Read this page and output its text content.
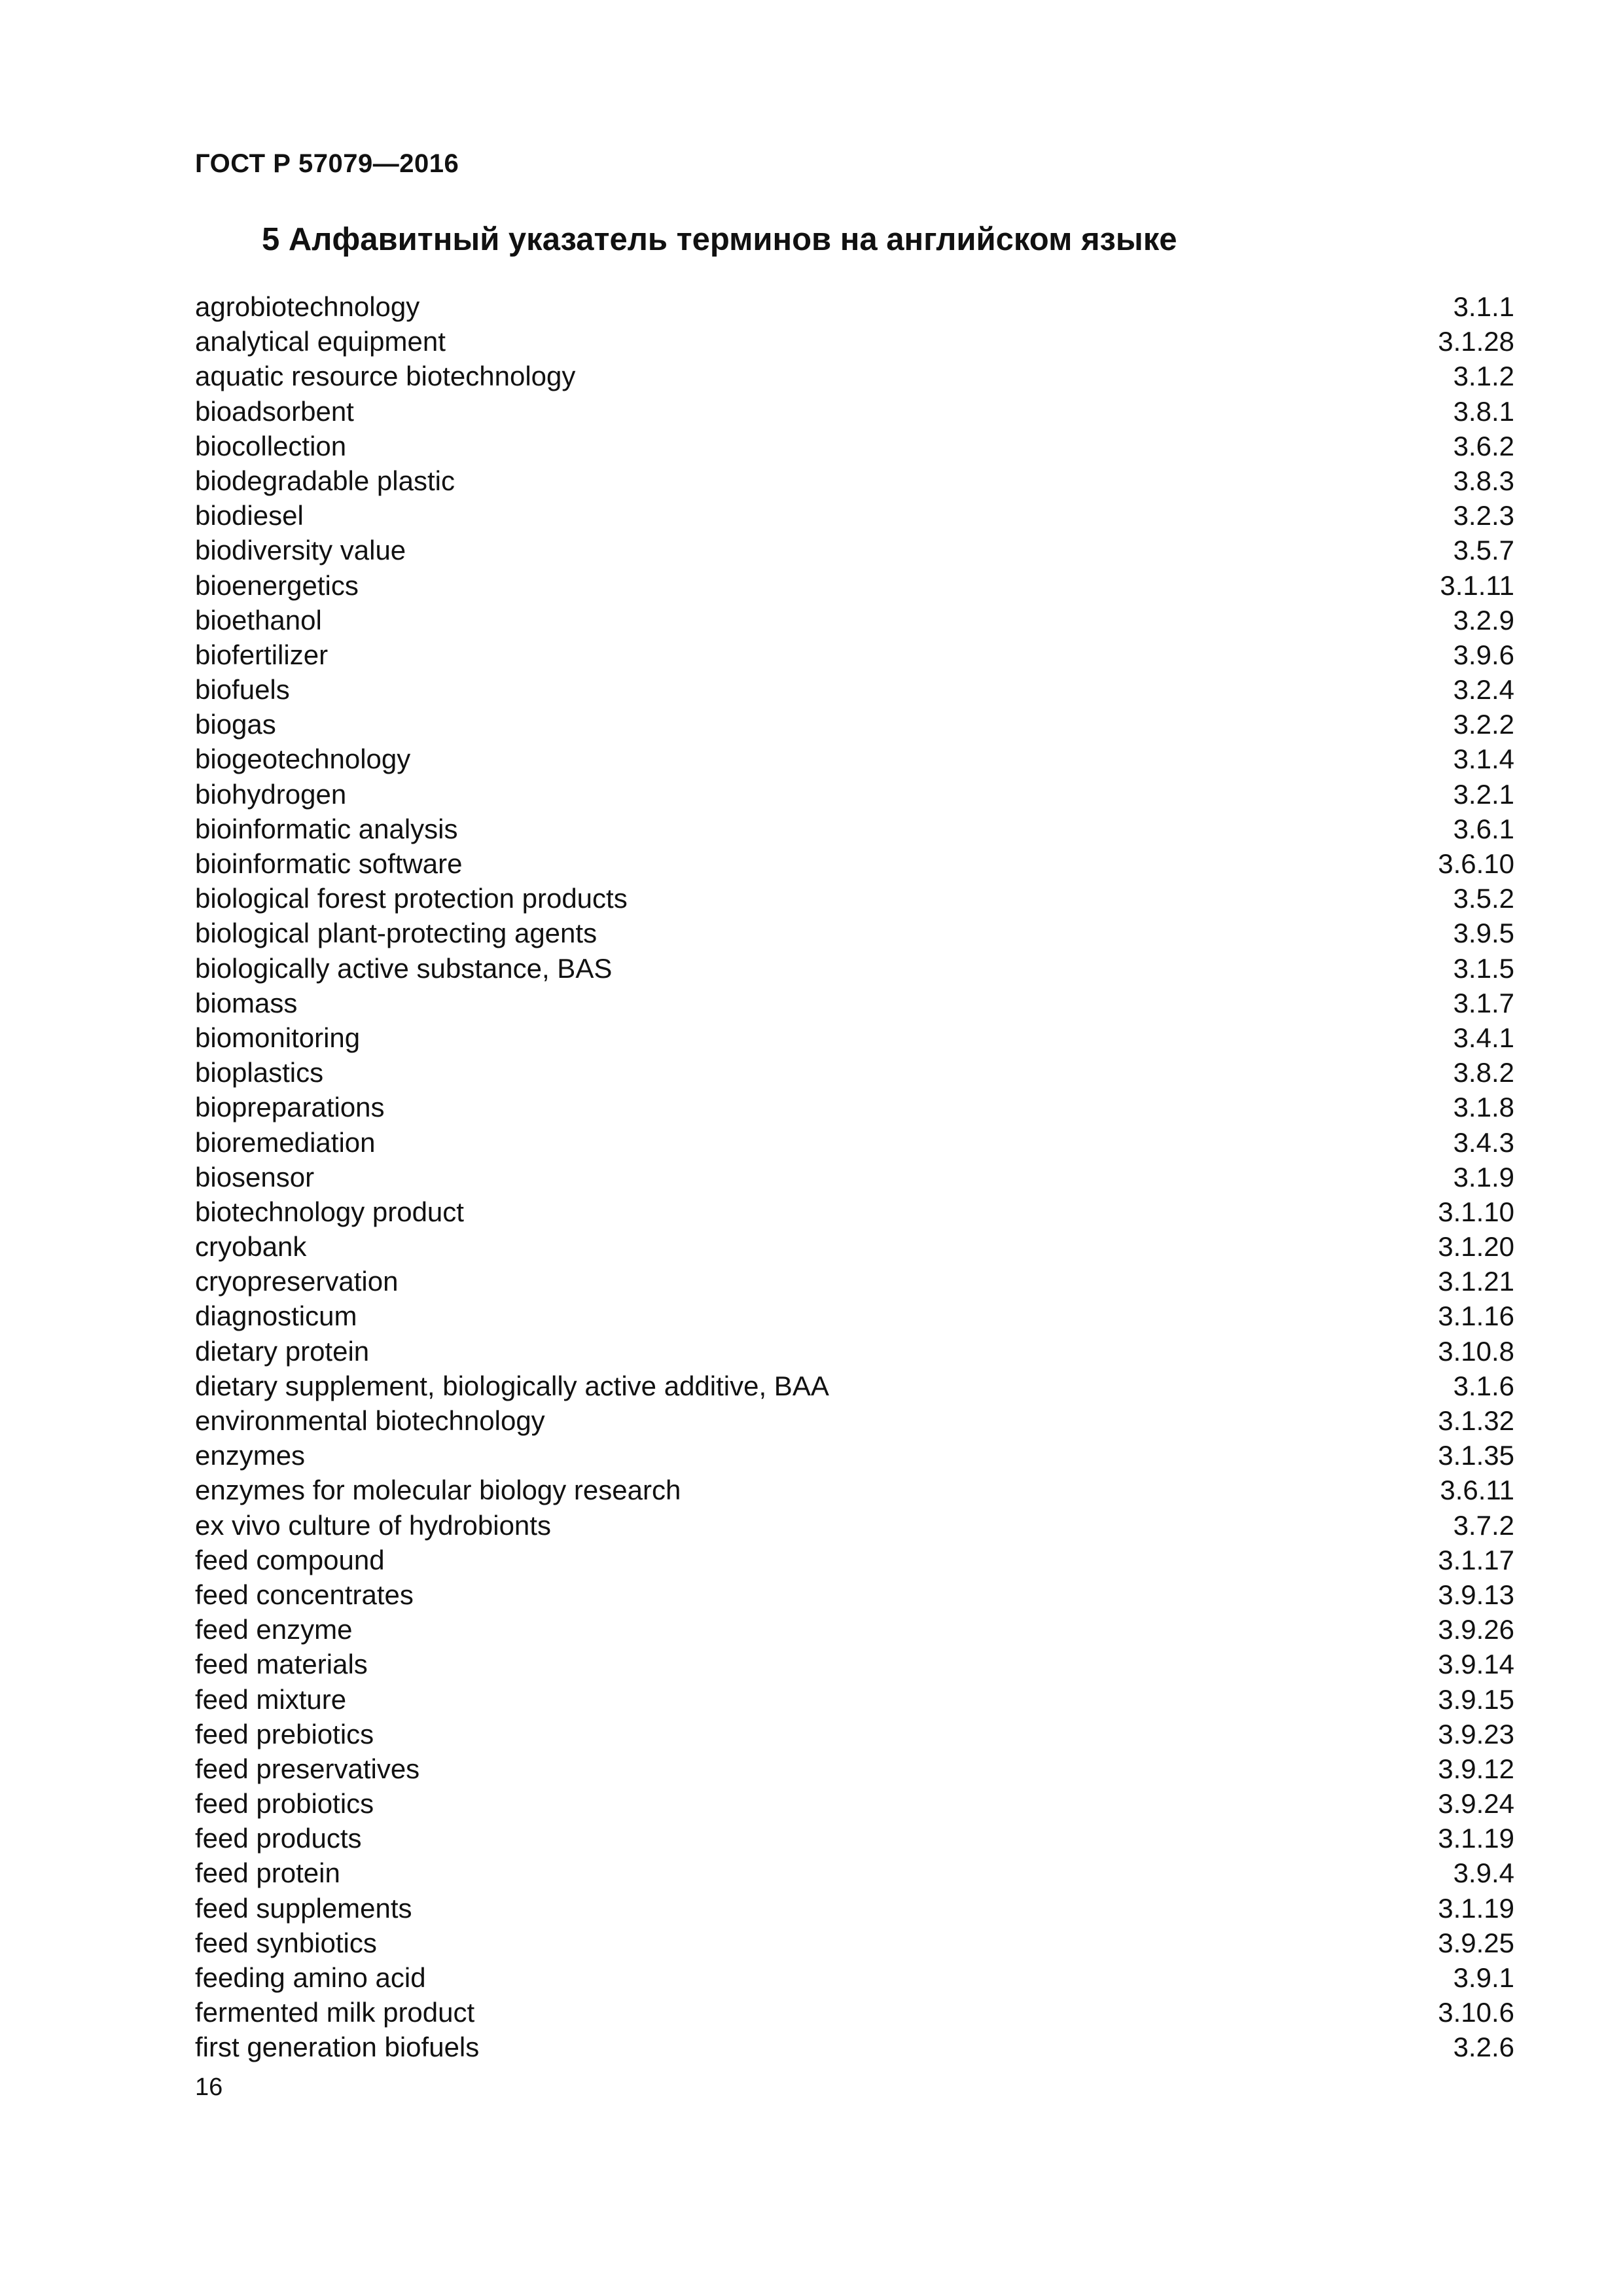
ГОСТ Р 57079—2016
5 Алфавитный указатель терминов на английском языке
agrobiotechnology	3.1.1
analytical equipment	3.1.28
aquatic resource biotechnology	3.1.2
bioadsorbent	3.8.1
biocollection	3.6.2
biodegradable plastic	3.8.3
biodiesel	3.2.3
biodiversity value	3.5.7
bioenergetics	3.1.11
bioethanol	3.2.9
biofertilizer	3.9.6
biofuels	3.2.4
biogas	3.2.2
biogeotechnology	3.1.4
biohydrogen	3.2.1
bioinformatic analysis	3.6.1
bioinformatic software	3.6.10
biological forest protection products	3.5.2
biological plant-protecting agents	3.9.5
biologically active substance, BAS	3.1.5
biomass	3.1.7
biomonitoring	3.4.1
bioplastics	3.8.2
biopreparations	3.1.8
bioremediation	3.4.3
biosensor	3.1.9
biotechnology product	3.1.10
cryobank	3.1.20
cryopreservation	3.1.21
diagnosticum	3.1.16
dietary protein	3.10.8
dietary supplement, biologically active additive, BAA	3.1.6
environmental biotechnology	3.1.32
enzymes	3.1.35
enzymes for molecular biology research	3.6.11
ex vivo culture of hydrobionts	3.7.2
feed compound	3.1.17
feed concentrates	3.9.13
feed enzyme	3.9.26
feed materials	3.9.14
feed mixture	3.9.15
feed prebiotics	3.9.23
feed preservatives	3.9.12
feed probiotics	3.9.24
feed products	3.1.19
feed protein	3.9.4
feed supplements	3.1.19
feed synbiotics	3.9.25
feeding amino acid	3.9.1
fermented milk product	3.10.6
first generation biofuels	3.2.6
16
